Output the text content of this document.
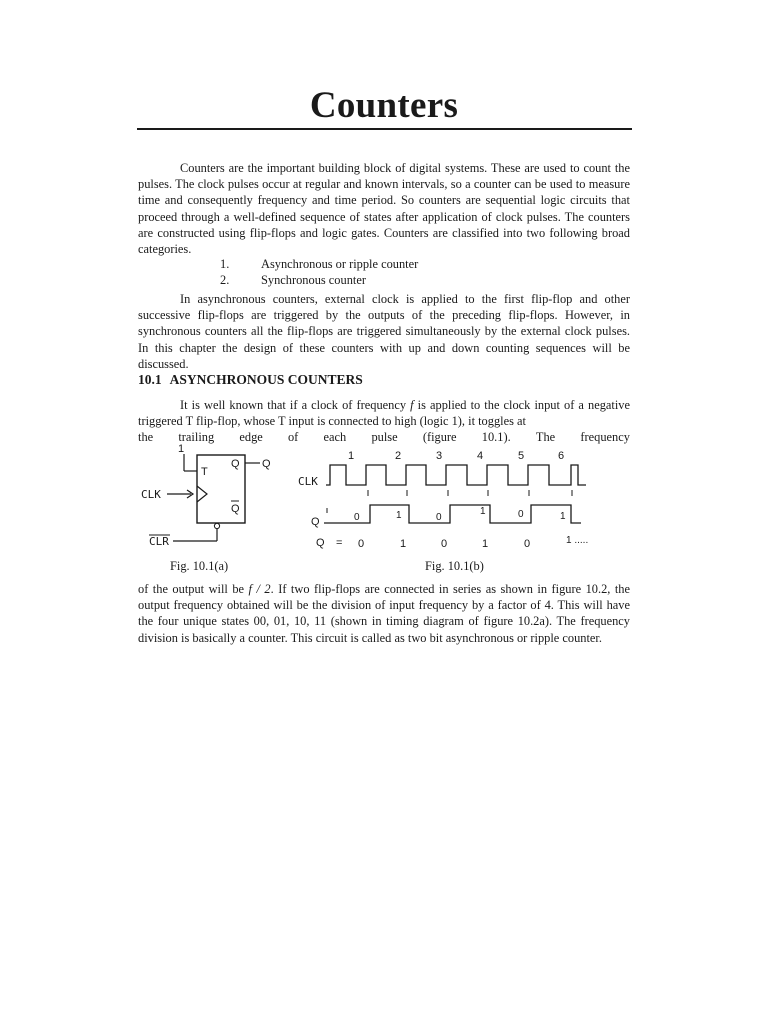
Counters

Counters are the important building block of digital systems. These are used to count the pulses. The clock pulses occur at regular and known intervals, so a counter can be used to measure time and consequently frequency and time period. So counters are sequential logic circuits that proceed through a well-defined sequence of states after application of clock pulses. The counters are constructed using flip-flops and logic gates. Counters are classified into two following broad categories.

1.	Asynchronous or ripple counter
2.	Synchronous counter

In asynchronous counters, external clock is applied to the first flip-flop and other successive flip-flops are triggered by the outputs of the preceding flip-flops. However, in synchronous counters all the flip-flops are triggered simultaneously by the external clock pulses. In this chapter the design of these counters with up and down counting sequences will be discussed.

10.1 ASYNCHRONOUS COUNTERS
It is well known that if a clock of frequency f is applied to the clock input of a negative triggered T flip-flop, whose T input is connected to high (logic 1), it toggles at
the trailing edge of each pulse (figure 10.1). The frequency
1
T
Q
Q
Q
CLK
CLR
1	2	3	4	5	6
CLK
Q	0	1	0
1	0	1
Q = 0	1	0	1	0	1 .....
Fig. 10.1(a)	Fig. 10.1(b)

of the output will be f / 2. If two flip-flops are connected in series as shown in figure 10.2, the output frequency obtained will be the division of input frequency by a factor of 4. This will have the four unique states 00, 01, 10, 11 (shown in timing diagram of figure 10.2a). The frequency division is basically a counter. This circuit is called as two bit asynchronous or ripple counter.
